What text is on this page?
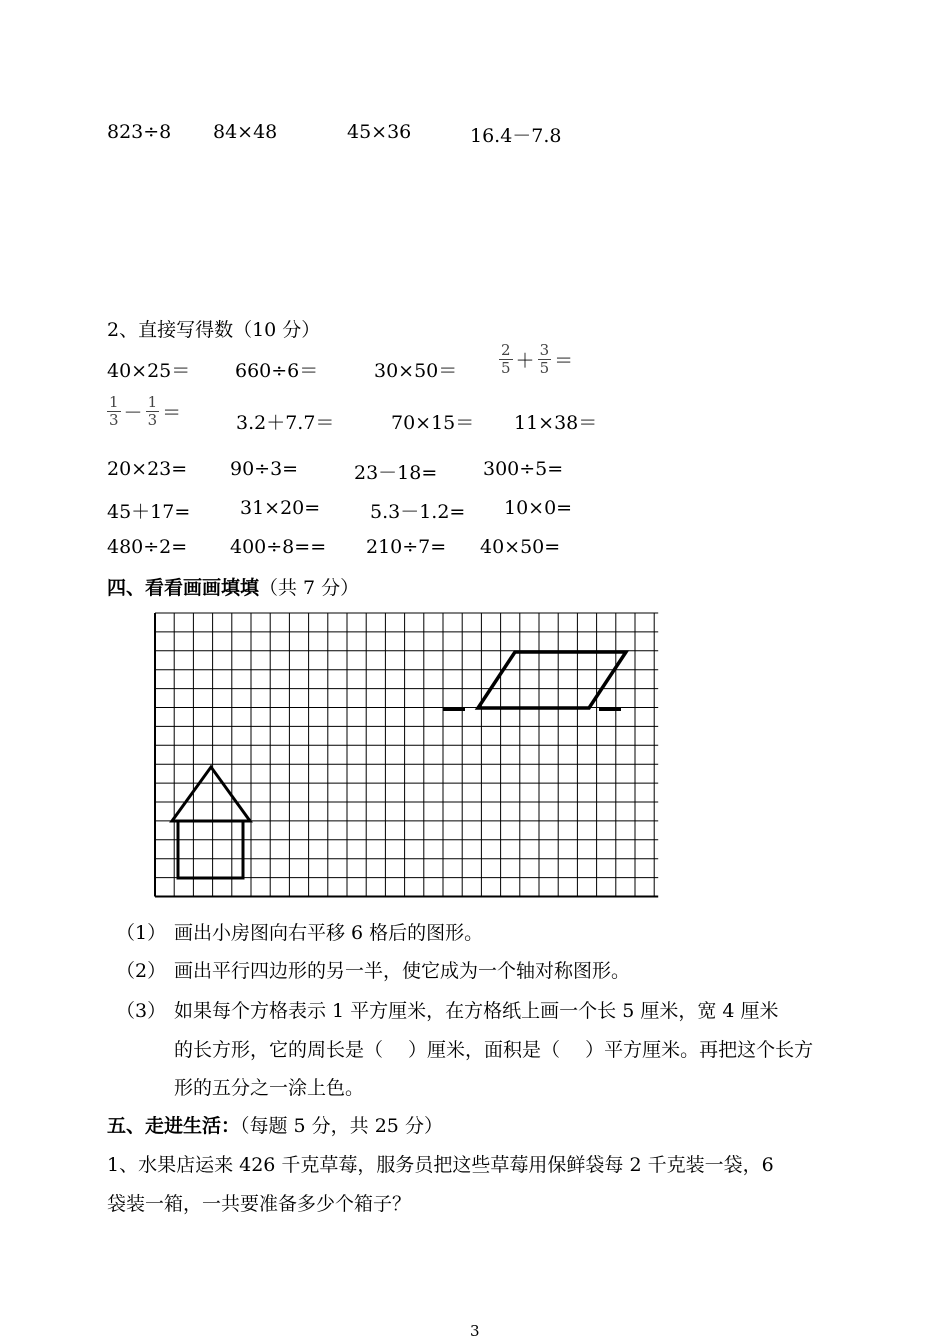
823÷8 84×48	45×36	16.4－7.8
2、直接写得数（10 分）
40×25＝ 660÷6＝	30×50＝	$\frac{2}{5} + \frac{3}{5}$ ＝
$\frac{1}{3} - \frac{1}{3}$ ＝	3.2＋7.7＝	70×15＝ 11×38＝
20×23= 90÷3=	23－18= 300÷5=
45＋17=	31×20=	5.3－1.2= 10×0=
480÷2= 400÷8== 210÷7= 40×50=
四、看看画画填填（共 7 分）
（1） 画出小房图向右平移 6 格后的图形。
（2） 画出平行四边形的另一半，使它成为一个轴对称图形。
（3） 如果每个方格表示 1 平方厘米，在方格纸上画一个长 5 厘米，宽 4 厘米
的长方形，它的周长是（　 ）厘米，面积是（　 ）平方厘米。再把这个长方
形的五分之一涂上色。
五、走进生活：（每题 5 分，共 25 分）
1、水果店运来 426 千克草莓，服务员把这些草莓用保鲜袋每 2 千克装一袋，6
袋装一箱，一共要准备多少个箱子？
3
